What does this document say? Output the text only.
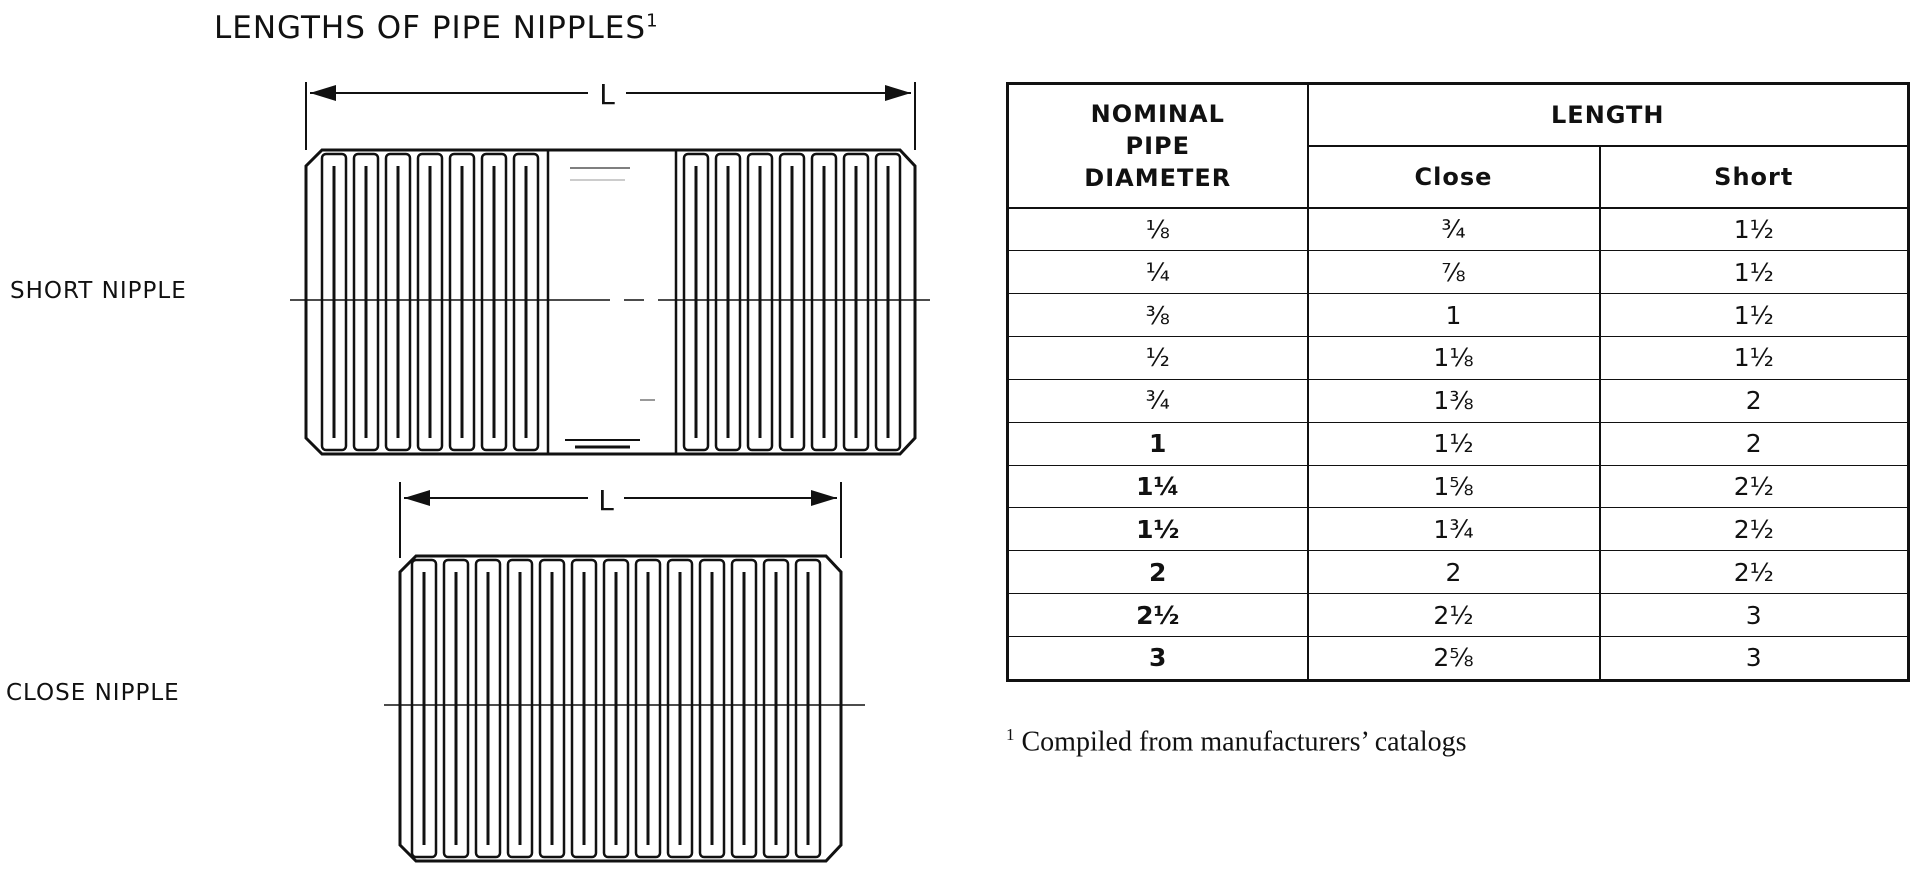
LENGTHS OF PIPE NIPPLES$^1$
SHORT NIPPLE
CLOSE NIPPLE
L
L
NOMINAL
PIPE
DIAMETER	LENGTH	
	Close	Short
⅛	¾	1½
¼	⅞	1½
⅜	1	1½
½	1⅛	1½
¾	1⅜	2
1	1½	2
1¼	1⅝	2½
1½	1¾	2½
2	2	2½
2½	2½	3
3	2⅝	3
$^1$ Compiled from manufacturers’ catalogs
